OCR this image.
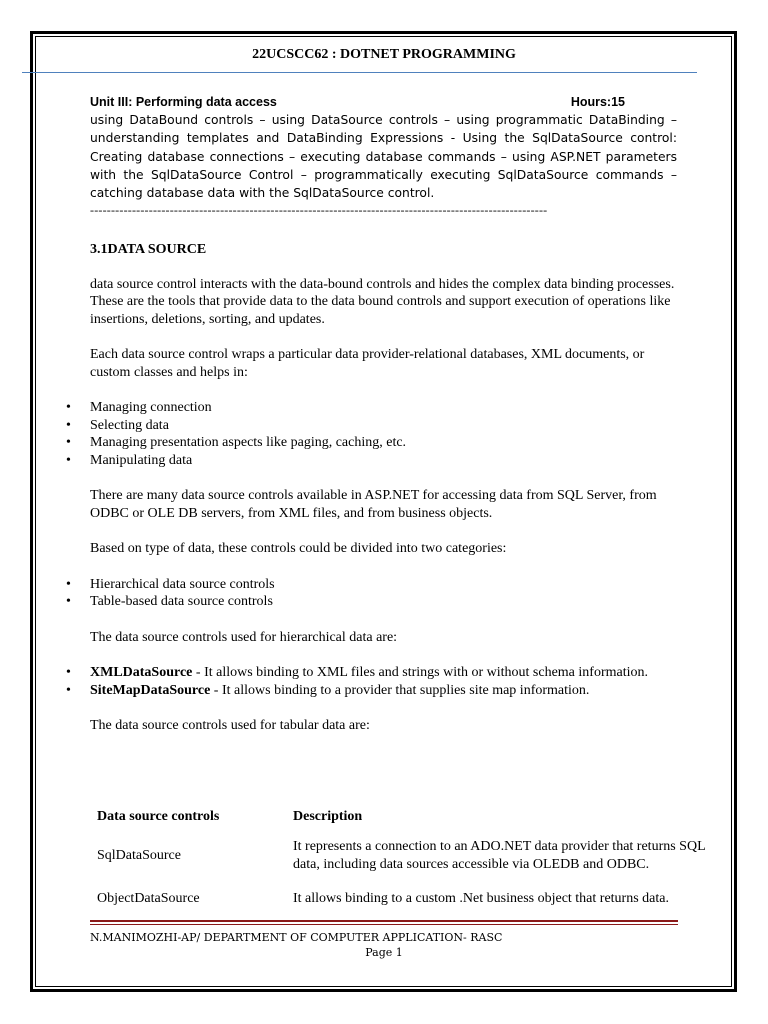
22UCSCC62 : DOTNET PROGRAMMING
Unit III: Performing data access	Hours:15
using DataBound controls – using DataSource controls – using programmatic DataBinding – understanding templates and DataBinding Expressions - Using the SqlDataSource control: Creating database connections – executing database commands – using ASP.NET parameters with the SqlDataSource Control – programmatically executing SqlDataSource commands – catching database data with the SqlDataSource control.
-------------------------------------------------------------------------------------------------------------
3.1DATA SOURCE

data source control interacts with the data-bound controls and hides the complex data binding processes. These are the tools that provide data to the data bound controls and support execution of operations like insertions, deletions, sorting, and updates.

Each data source control wraps a particular data provider-relational databases, XML documents, or custom classes and helps in:

• Managing connection
• Selecting data
• Managing presentation aspects like paging, caching, etc.
• Manipulating data

There are many data source controls available in ASP.NET for accessing data from SQL Server, from ODBC or OLE DB servers, from XML files, and from business objects.

Based on type of data, these controls could be divided into two categories:

• Hierarchical data source controls
• Table-based data source controls

The data source controls used for hierarchical data are:

• XMLDataSource - It allows binding to XML files and strings with or without schema information.
• SiteMapDataSource - It allows binding to a provider that supplies site map information.

The data source controls used for tabular data are:

Data source controls	Description
SqlDataSource	It represents a connection to an ADO.NET data provider that returns SQL data, including data sources accessible via OLEDB and ODBC.
ObjectDataSource	It allows binding to a custom .Net business object that returns data.
N.MANIMOZHI-AP/ DEPARTMENT OF COMPUTER APPLICATION- RASC
Page 1
